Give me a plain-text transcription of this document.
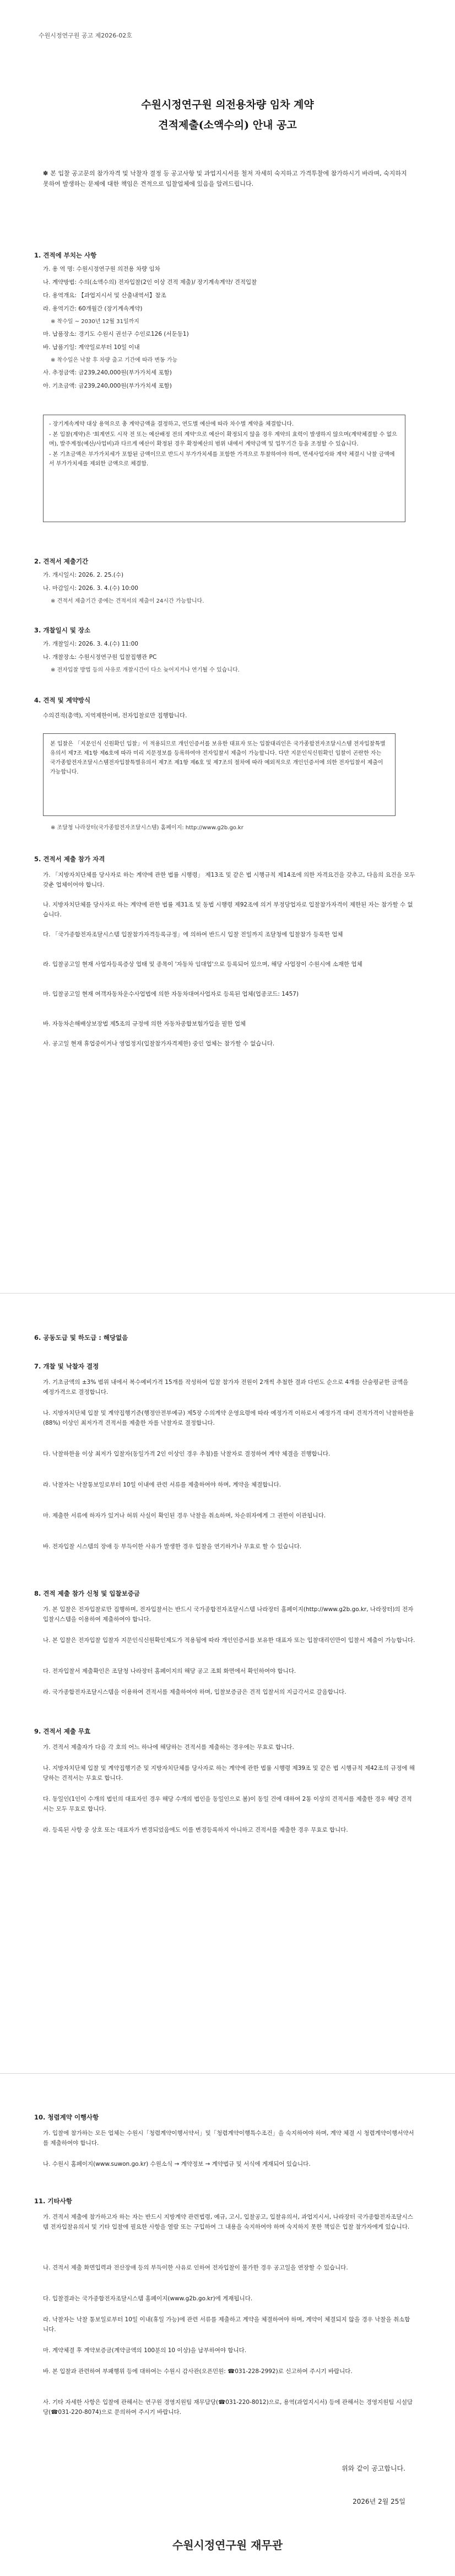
수원시정연구원 공고 제2026-02호
수원시정연구원 의전용차량 임차 계약
견적제출(소액수의) 안내 공고
✽ 본 입찰 공고문의 참가자격 및 낙찰자 결정 등 공고사항 및 과업지시서를 철저 자세히 숙지하고 가격투찰에 참가하시기 바라며, 숙지하지 못하여 발생하는 문제에 대한 책임은 견적으로 입찰업체에 있음을 알려드립니다.
1. 견적에 부치는 사항
가. 용 역 명: 수원시정연구원 의전용 차량 임차
나. 계약방법: 수의(소액수의) 전자입찰(2인 이상 견적 제출)/ 장기계속계약/ 견적입찰
다. 용역개요: 【과업지시서 및 산출내역서】참조
라. 용역기간: 60개월간 (장기계속계약)
※ 착수일 ~ 2030년 12월 31일까지
마. 납품장소: 경기도 수원시 권선구 수인로126 (서둔동1)
바. 납품기일: 계약일로부터 10일 이내
※ 착수일은 낙찰 후 차량 출고 기간에 따라 변동 가능
사. 추정금액: 금239,240,000원(부가가치세 포함)
아. 기초금액: 금239,240,000원(부가가치세 포함)

- 장기계속계약 대상 용역으로 총 계약금액을 결정하고, 연도별 예산에 따라 차수별 계약을 체결합니다.

- 본 입찰(계약)은 '회계연도 시작 전 또는 예산배정 전의 계약'으로 예산이 확정되지 않을 경우 계약의 효력이 발생하지 않으며(계약체결할 수 없으며), 발주계정(예산/사업비)과 다르게 예산이 확정된 경우 확정예산의 범위 내에서 계약금액 및 업무기간 등을 조정할 수 있습니다.

- 본 기초금액은 부가가치세가 포함된 금액이므로 반드시 부가가치세를 포함한 가격으로 투찰하여야 하며, 면세사업자와 계약 체결시 낙찰 금액에서 부가가치세를 제외한 금액으로 체결함.

2. 견적서 제출기간
가. 개시일시: 2026. 2. 25.(수)
나. 마감일시: 2026. 3. 4.(수) 10:00
※ 견적서 제출기간 중에는 견적서의 제출이 24시간 가능합니다.
3. 개찰일시 및 장소
가. 개찰일시: 2026. 3. 4.(수) 11:00
나. 개찰장소: 수원시정연구원 입찰집행관 PC
※ 전자입찰 방법 등의 사유로 개찰시간이 다소 늦어지거나 연기될 수 있습니다.
4. 견적 및 계약방식
수의견적(총액), 지역제한이며, 전자입찰로만 집행합니다.

본 입찰은 「지문인식 신원확인 입찰」이 적용되므로 개인인증서를 보유한 대표자 또는 입찰대리인은 국가종합전자조달시스템 전자입찰특별유의서 제7조 제1항 제6호에 따라 미리 지문정보를 등록하여야 전자입찰서 제출이 가능합니다. 다만 지문인식신원확인 입찰이 곤란한 자는 국가종합전자조달시스템전자입찰특별유의서 제7조 제1항 제6호 및 제7조의 절차에 따라 예외적으로 개인인증서에 의한 전자입찰서 제출이 가능합니다.

※ 조달청 나라장터(국가종합전자조달시스템) 홈페이지: http://www.g2b.go.kr
5. 견적서 제출 참가 자격
가. 「지방자치단체를 당사자로 하는 계약에 관한 법률 시행령」 제13조 및 같은 법 시행규칙 제14조에 의한 자격요건을 갖추고, 다음의 요건을 모두 갖춘 업체이어야 합니다.
나. 지방자치단체를 당사자로 하는 계약에 관한 법률 제31조 및 동법 시행령 제92조에 의거 부정당업자로 입찰참가자격이 제한된 자는 참가할 수 없습니다.
다. 「국가종합전자조달시스템 입찰참가자격등록규정」에 의하여 반드시 입찰 전일까지 조달청에 입찰참가 등록한 업체
라. 입찰공고일 현재 사업자등록증상 업태 및 종목이 '자동차 임대업'으로 등록되어 있으며, 해당 사업장이 수원시에 소재한 업체
마. 입찰공고일 현재 여객자동차운수사업법에 의한 자동차대여사업자로 등록된 업체(업종코드: 1457)
바. 자동차손해배상보장법 제5조의 규정에 의한 자동차종합보험가입을 필한 업체
사. 공고일 현재 휴업중이거나 영업정지(입찰참가자격제한) 중인 업체는 참가할 수 없습니다.
6. 공동도급 및 하도급 : 해당없음
7. 개찰 및 낙찰자 결정
가. 기초금액의 ±3% 범위 내에서 복수예비가격 15개를 작성하여 입찰 참가자 전원이 2개씩 추첨한 결과 다빈도 순으로 4개를 산술평균한 금액을 예정가격으로 결정합니다.
나. 지방자치단체 입찰 및 계약집행기준(행정안전부예규) 제5장 수의계약 운영요령에 따라 예정가격 이하로서 예정가격 대비 견적가격이 낙찰하한율(88%) 이상인 최저가격 견적서를 제출한 자를 낙찰자로 결정합니다.
다. 낙찰하한율 이상 최저가 입찰자(동일가격 2인 이상인 경우 추첨)를 낙찰자로 결정하여 계약 체결을 진행합니다.
라. 낙찰자는 낙찰통보일로부터 10일 이내에 관련 서류를 제출하여야 하며, 계약을 체결합니다.
마. 제출한 서류에 하자가 있거나 허위 사실이 확인된 경우 낙찰을 취소하며, 차순위자에게 그 권한이 이관됩니다.
바. 전자입찰 시스템의 장애 등 부득이한 사유가 발생한 경우 입찰을 연기하거나 무효로 할 수 있습니다.
8. 견적 제출 참가 신청 및 입찰보증금
가. 본 입찰은 전자입찰로만 집행하며, 전자입찰서는 반드시 국가종합전자조달시스템 나라장터 홈페이지(http://www.g2b.go.kr, 나라장터)의 전자입찰시스템을 이용하여 제출하여야 합니다.
나. 본 입찰은 전자입찰 입찰자 지문인식신원확인제도가 적용됨에 따라 개인인증서를 보유한 대표자 또는 입찰대리인만이 입찰서 제출이 가능합니다.
다. 전자입찰서 제출확인은 조달청 나라장터 홈페이지의 해당 공고 조회 화면에서 확인하여야 합니다.
라. 국가종합전자조달시스템을 이용하여 견적서를 제출하여야 하며, 입찰보증금은 견적 입찰서의 지급각서로 갈음합니다.
9. 견적서 제출 무효
가. 견적서 제출자가 다음 각 호의 어느 하나에 해당하는 견적서를 제출하는 경우에는 무효로 합니다.
나. 지방자치단체 입찰 및 계약집행기준 및 지방자치단체를 당사자로 하는 계약에 관한 법률 시행령 제39조 및 같은 법 시행규칙 제42조의 규정에 해당하는 견적서는 무효로 합니다.
다. 동일인(1인이 수개의 법인의 대표자인 경우 해당 수개의 법인을 동일인으로 봄)이 동일 건에 대하여 2통 이상의 견적서를 제출한 경우 해당 견적서는 모두 무효로 합니다.
라. 등록된 사항 중 상호 또는 대표자가 변경되었음에도 이를 변경등록하지 아니하고 견적서를 제출한 경우 무효로 합니다.
10. 청렴계약 이행사항
가. 입찰에 참가하는 모든 업체는 수원시「청렴계약이행서약서」및「청렴계약이행특수조건」을 숙지하여야 하며, 계약 체결 시 청렴계약이행서약서를 제출하여야 합니다.
나. 수원시 홈페이지(www.suwon.go.kr) 수원소식 → 계약정보 → 계약법규 및 서식에 게재되어 있습니다.
11. 기타사항
가. 견적서 제출에 참가하고자 하는 자는 반드시 지방계약 관련법령, 예규, 고시, 입찰공고, 입찰유의서, 과업지시서, 나라장터 국가종합전자조달시스템 전자입찰유의서 및 기타 입찰에 필요한 사항을 열람 또는 구입하여 그 내용을 숙지하여야 하며 숙지하지 못한 책임은 입찰 참가자에게 있습니다.
나. 견적서 제출 화면입력과 전산장애 등의 부득이한 사유로 인하여 전자입찰이 불가한 경우 공고일을 연장할 수 있습니다.
다. 입찰결과는 국가종합전자조달시스템 홈페이지(www.g2b.go.kr)에 게재됩니다.
라. 낙찰자는 낙찰 통보일로부터 10일 이내(휴일 가능)에 관련 서류를 제출하고 계약을 체결하여야 하며, 계약이 체결되지 않을 경우 낙찰을 취소합니다.
마. 계약체결 후 계약보증금(계약금액의 100분의 10 이상)을 납부하여야 합니다.
바. 본 입찰과 관련하여 부패행위 등에 대하여는 수원시 감사관(오픈민원: ☎031-228-2992)로 신고하여 주시기 바랍니다.
사. 기타 자세한 사항은 입찰에 관해서는 연구원 경영지원팀 재무담당(☎031-220-8012)으로, 용역(과업지시서) 등에 관해서는 경영지원팀 시설담당(☎031-220-8074)으로 문의하여 주시기 바랍니다.
위와 같이 공고합니다.
2026년 2월 25일
수원시정연구원 재무관
